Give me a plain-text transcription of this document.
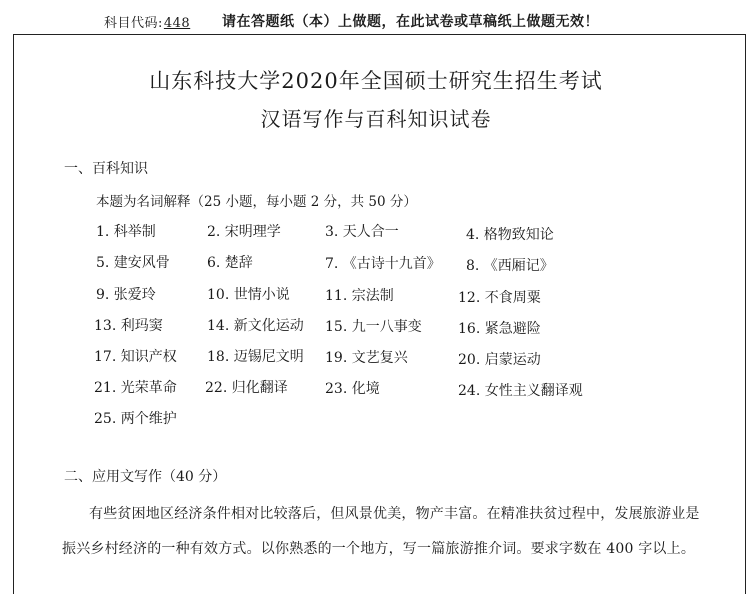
科目代码:448 请在答题纸（本）上做题，在此试卷或草稿纸上做题无效！
山东科技大学2020年全国硕士研究生招生考试
汉语写作与百科知识试卷
一、百科知识
本题为名词解释（25 小题，每小题 2 分，共 50 分）
1. 科举制	2. 宋明理学	3. 天人合一	4. 格物致知论
5. 建安风骨	6. 楚辞	7. 《古诗十九首》 8. 《西厢记》
9. 张爱玲	10. 世情小说	11. 宗法制	12. 不食周粟
13. 利玛窦	14. 新文化运动 15. 九一八事变	16. 紧急避险
17. 知识产权 18. 迈锡尼文明 19. 文艺复兴	20. 启蒙运动
21. 光荣革命 22. 归化翻译	23. 化境	24. 女性主义翻译观
25. 两个维护
二、应用文写作（40 分）
有些贫困地区经济条件相对比较落后，但风景优美，物产丰富。在精准扶贫过程中，发展旅游业是
振兴乡村经济的一种有效方式。以你熟悉的一个地方，写一篇旅游推介词。要求字数在 400 字以上。
